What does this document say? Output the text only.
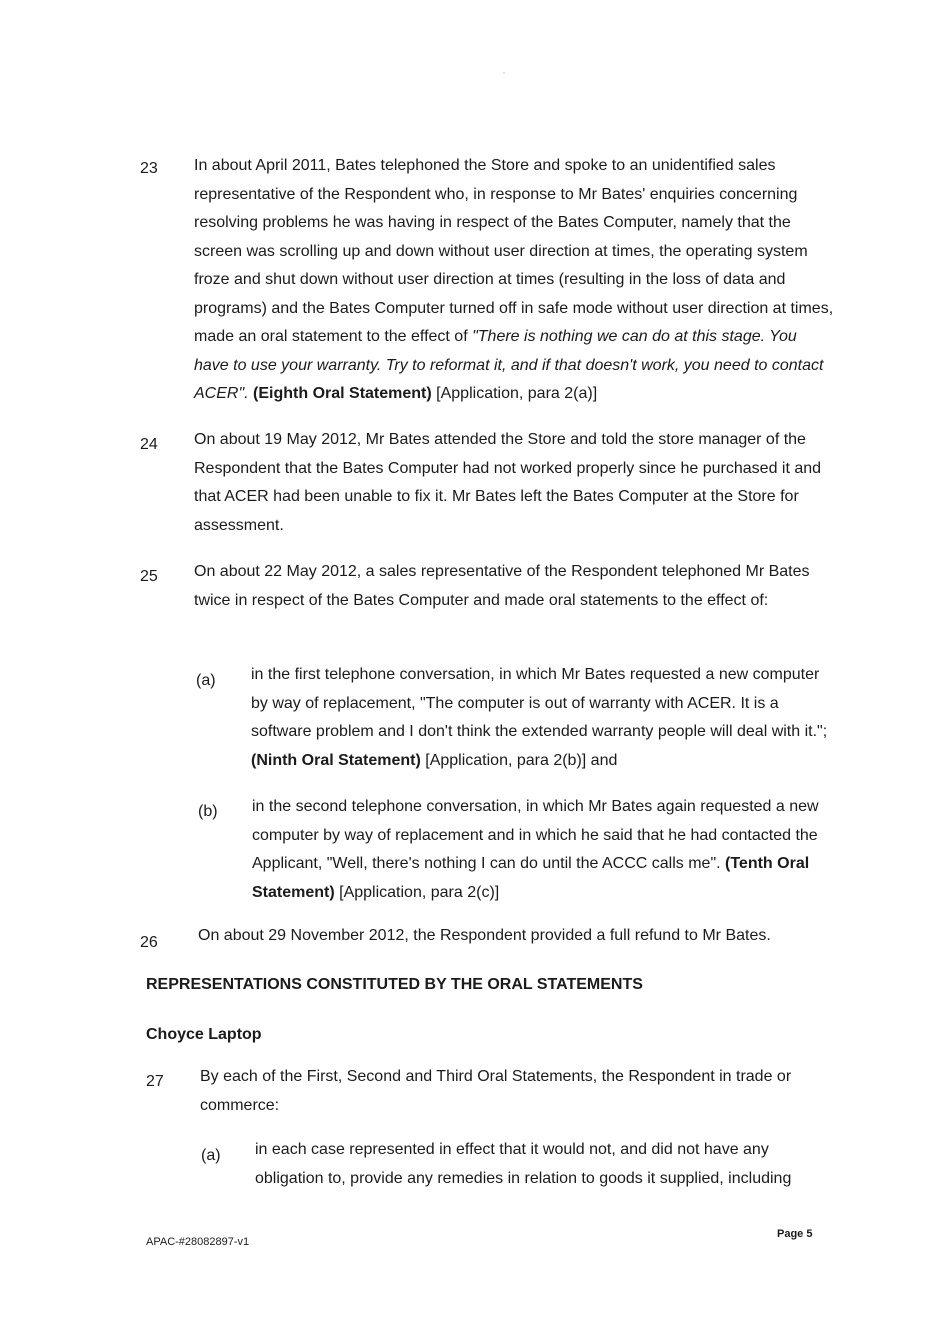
23 In about April 2011, Bates telephoned the Store and spoke to an unidentified sales representative of the Respondent who, in response to Mr Bates' enquiries concerning resolving problems he was having in respect of the Bates Computer, namely that the screen was scrolling up and down without user direction at times, the operating system froze and shut down without user direction at times (resulting in the loss of data and programs) and the Bates Computer turned off in safe mode without user direction at times, made an oral statement to the effect of "There is nothing we can do at this stage. You have to use your warranty. Try to reformat it, and if that doesn't work, you need to contact ACER". (Eighth Oral Statement) [Application, para 2(a)]
24 On about 19 May 2012, Mr Bates attended the Store and told the store manager of the Respondent that the Bates Computer had not worked properly since he purchased it and that ACER had been unable to fix it. Mr Bates left the Bates Computer at the Store for assessment.
25 On about 22 May 2012, a sales representative of the Respondent telephoned Mr Bates twice in respect of the Bates Computer and made oral statements to the effect of:
(a) in the first telephone conversation, in which Mr Bates requested a new computer by way of replacement, "The computer is out of warranty with ACER. It is a software problem and I don't think the extended warranty people will deal with it."; (Ninth Oral Statement) [Application, para 2(b)] and
(b) in the second telephone conversation, in which Mr Bates again requested a new computer by way of replacement and in which he said that he had contacted the Applicant, "Well, there's nothing I can do until the ACCC calls me". (Tenth Oral Statement) [Application, para 2(c)]
26	On about 29 November 2012, the Respondent provided a full refund to Mr Bates.
REPRESENTATIONS CONSTITUTED BY THE ORAL STATEMENTS
Choyce Laptop
27 By each of the First, Second and Third Oral Statements, the Respondent in trade or commerce:
(a) in each case represented in effect that it would not, and did not have any obligation to, provide any remedies in relation to goods it supplied, including
APAC-#28082897-v1
Page 5
